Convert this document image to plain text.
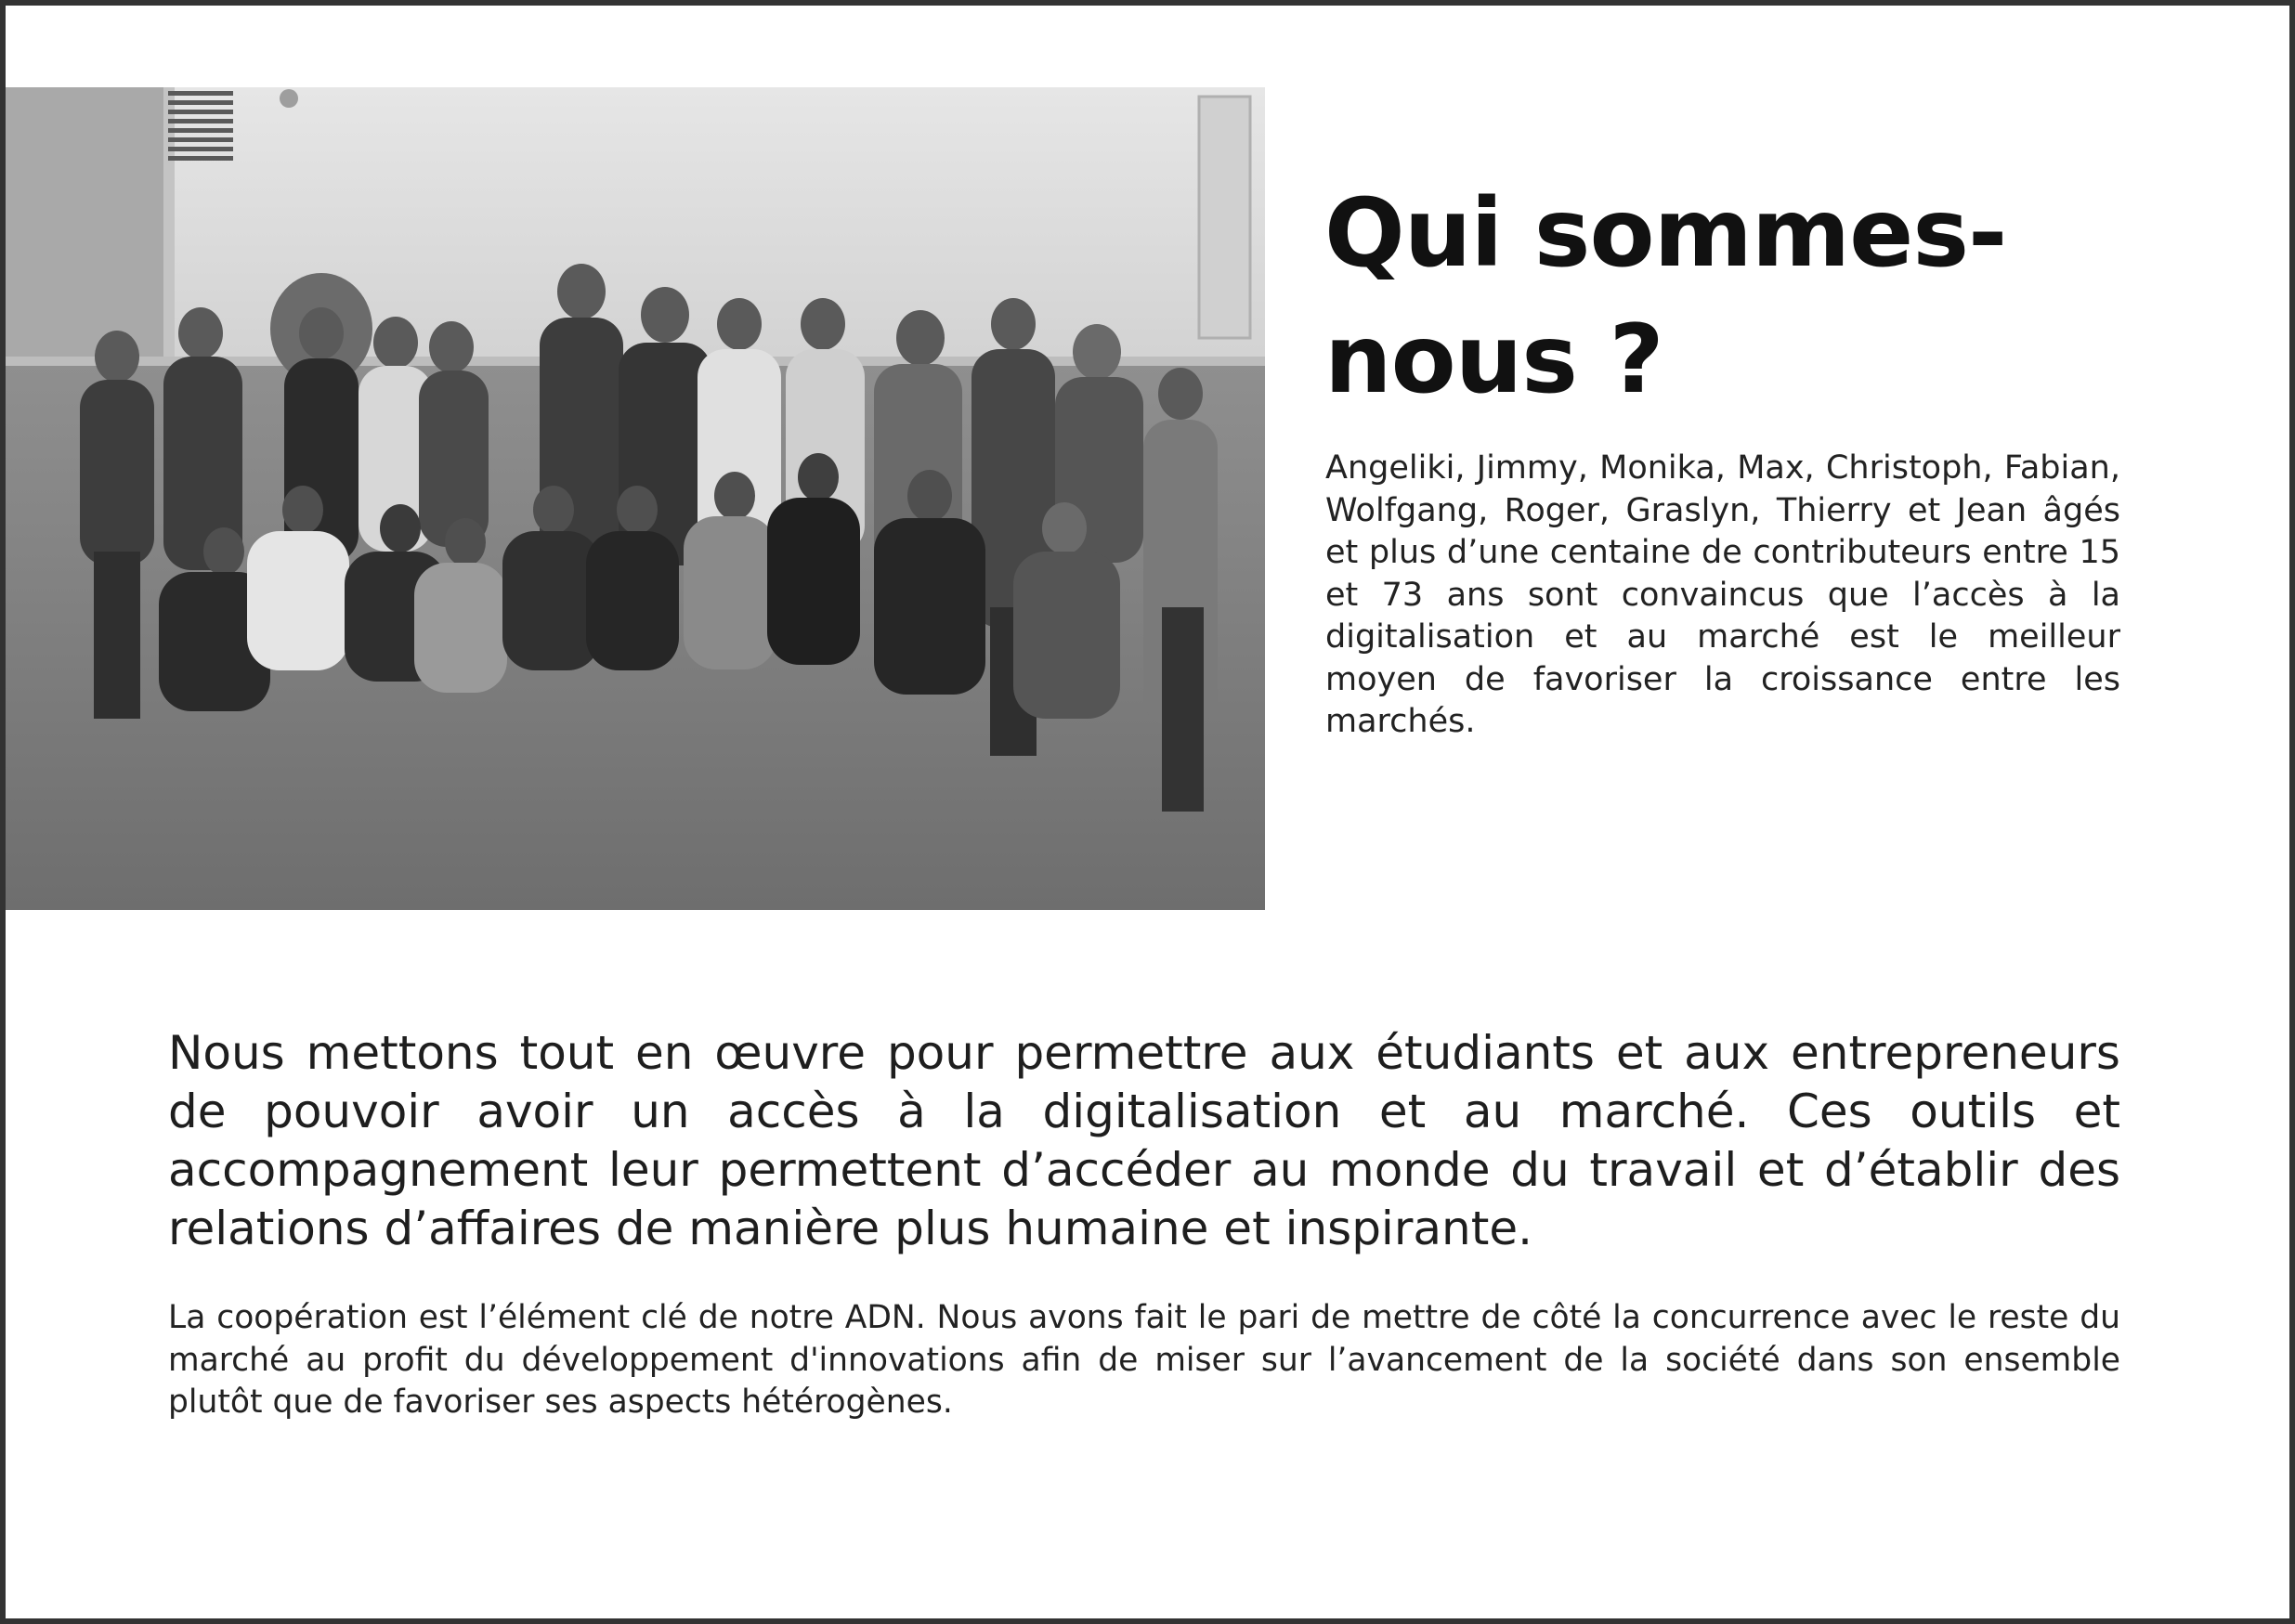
Qui sommes-nous ?

Angeliki, Jimmy, Monika, Max, Christoph, Fabian, Wolfgang, Roger, Graslyn, Thierry et Jean âgés et plus d’une centaine de contributeurs entre 15 et 73 ans sont convaincus que l’accès à la digitalisation et au marché est le meilleur moyen de favoriser la croissance entre les marchés.

Nous mettons tout en œuvre pour permettre aux étudiants et aux entrepreneurs de pouvoir avoir un accès à la digitalisation et au marché. Ces outils et accompagnement leur permettent d’accéder au monde du travail et d’établir des relations d’affaires de manière plus humaine et inspirante.

La coopération est l’élément clé de notre ADN. Nous avons fait le pari de mettre de côté la concurrence avec le reste du marché au profit du développement d'innovations afin de miser sur l’avancement de la société dans son ensemble plutôt que de favoriser ses aspects hétérogènes.
